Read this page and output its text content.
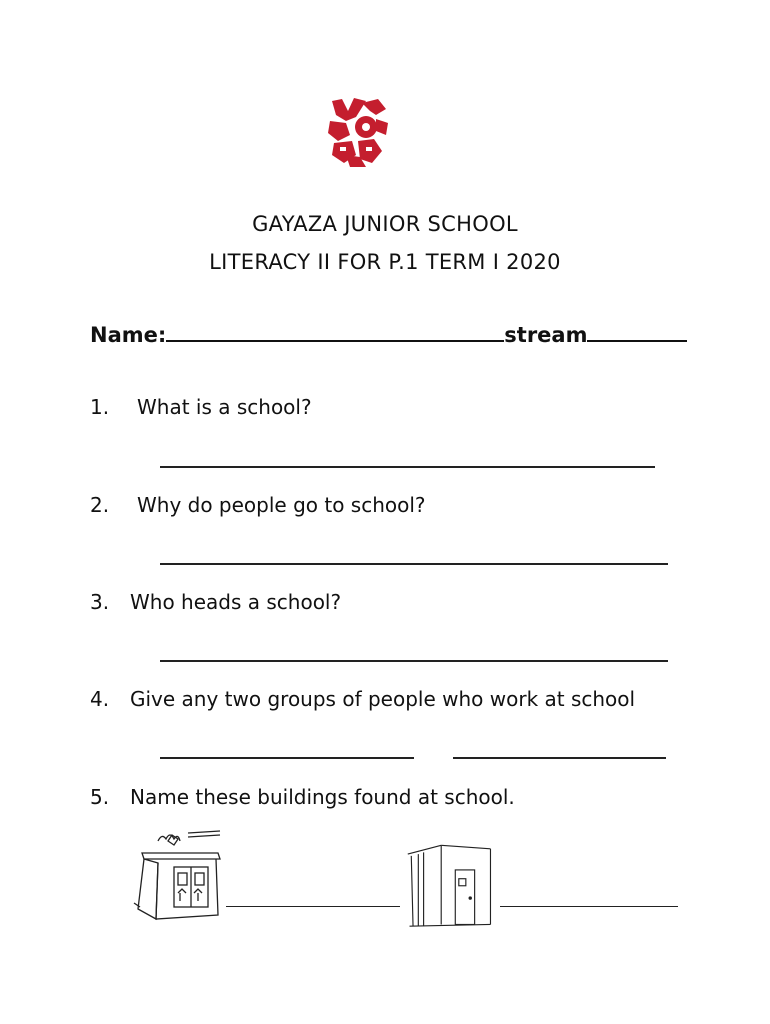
GAYAZA JUNIOR SCHOOL
LITERACY II FOR P.1 TERM I 2020
Name:	stream
1. What is a school?
2. Why do people go to school?
3. Who heads a school?
4. Give any two groups of people who work at school
5. Name these buildings found at school.
